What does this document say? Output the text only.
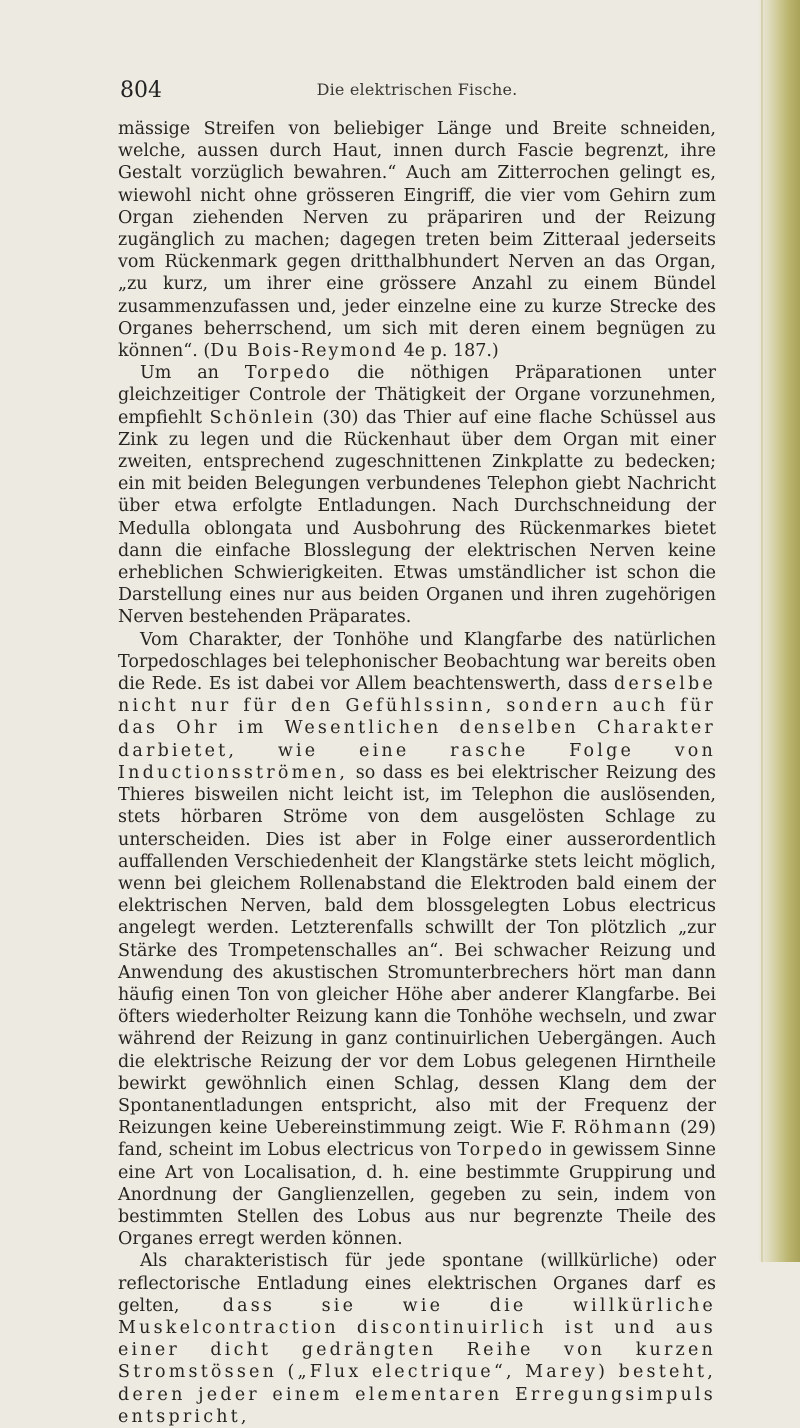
804	Die elektrischen Fische.

mässige Streifen von beliebiger Länge und Breite schneiden, welche, aussen durch Haut, innen durch Fascie begrenzt, ihre Gestalt vorzüglich bewahren.“ Auch am Zitterrochen gelingt es, wiewohl nicht ohne grösseren Eingriff, die vier vom Gehirn zum Organ ziehenden Nerven zu präpariren und der Reizung zugänglich zu machen; dagegen treten beim Zitteraal jederseits vom Rückenmark gegen dritthalbhundert Nerven an das Organ, „zu kurz, um ihrer eine grössere Anzahl zu einem Bündel zusammenzufassen und, jeder einzelne eine zu kurze Strecke des Organes beherrschend, um sich mit deren einem begnügen zu können“. (Du Bois-Reymond 4e p. 187.)

Um an Torpedo die nöthigen Präparationen unter gleichzeitiger Controle der Thätigkeit der Organe vorzunehmen, empfiehlt Schönlein (30) das Thier auf eine flache Schüssel aus Zink zu legen und die Rückenhaut über dem Organ mit einer zweiten, entsprechend zugeschnittenen Zinkplatte zu bedecken; ein mit beiden Belegungen verbundenes Telephon giebt Nachricht über etwa erfolgte Entladungen. Nach Durchschneidung der Medulla oblongata und Ausbohrung des Rückenmarkes bietet dann die einfache Blosslegung der elektrischen Nerven keine erheblichen Schwierigkeiten. Etwas umständlicher ist schon die Darstellung eines nur aus beiden Organen und ihren zugehörigen Nerven bestehenden Präparates.

Vom Charakter, der Tonhöhe und Klangfarbe des natürlichen Torpedoschlages bei telephonischer Beobachtung war bereits oben die Rede. Es ist dabei vor Allem beachtenswerth, dass derselbe nicht nur für den Gefühlssinn, sondern auch für das Ohr im Wesentlichen denselben Charakter darbietet, wie eine rasche Folge von Inductionsströmen, so dass es bei elektrischer Reizung des Thieres bisweilen nicht leicht ist, im Telephon die auslösenden, stets hörbaren Ströme von dem ausgelösten Schlage zu unterscheiden. Dies ist aber in Folge einer ausserordentlich auffallenden Verschiedenheit der Klangstärke stets leicht möglich, wenn bei gleichem Rollenabstand die Elektroden bald einem der elektrischen Nerven, bald dem blossgelegten Lobus electricus angelegt werden. Letzterenfalls schwillt der Ton plötzlich „zur Stärke des Trompetenschalles an“. Bei schwacher Reizung und Anwendung des akustischen Stromunterbrechers hört man dann häufig einen Ton von gleicher Höhe aber anderer Klangfarbe. Bei öfters wiederholter Reizung kann die Tonhöhe wechseln, und zwar während der Reizung in ganz continuirlichen Uebergängen. Auch die elektrische Reizung der vor dem Lobus gelegenen Hirntheile bewirkt gewöhnlich einen Schlag, dessen Klang dem der Spontanentladungen entspricht, also mit der Frequenz der Reizungen keine Uebereinstimmung zeigt. Wie F. Röhmann (29) fand, scheint im Lobus electricus von Torpedo in gewissem Sinne eine Art von Localisation, d. h. eine bestimmte Gruppirung und Anordnung der Ganglienzellen, gegeben zu sein, indem von bestimmten Stellen des Lobus aus nur begrenzte Theile des Organes erregt werden können.

Als charakteristisch für jede spontane (willkürliche) oder reflectorische Entladung eines elektrischen Organes darf es gelten, dass sie wie die willkürliche Muskelcontraction discontinuirlich ist und aus einer dicht gedrängten Reihe von kurzen Stromstössen („Flux electrique“, Marey) besteht, deren jeder einem elementaren Erregungsimpuls entspricht,
